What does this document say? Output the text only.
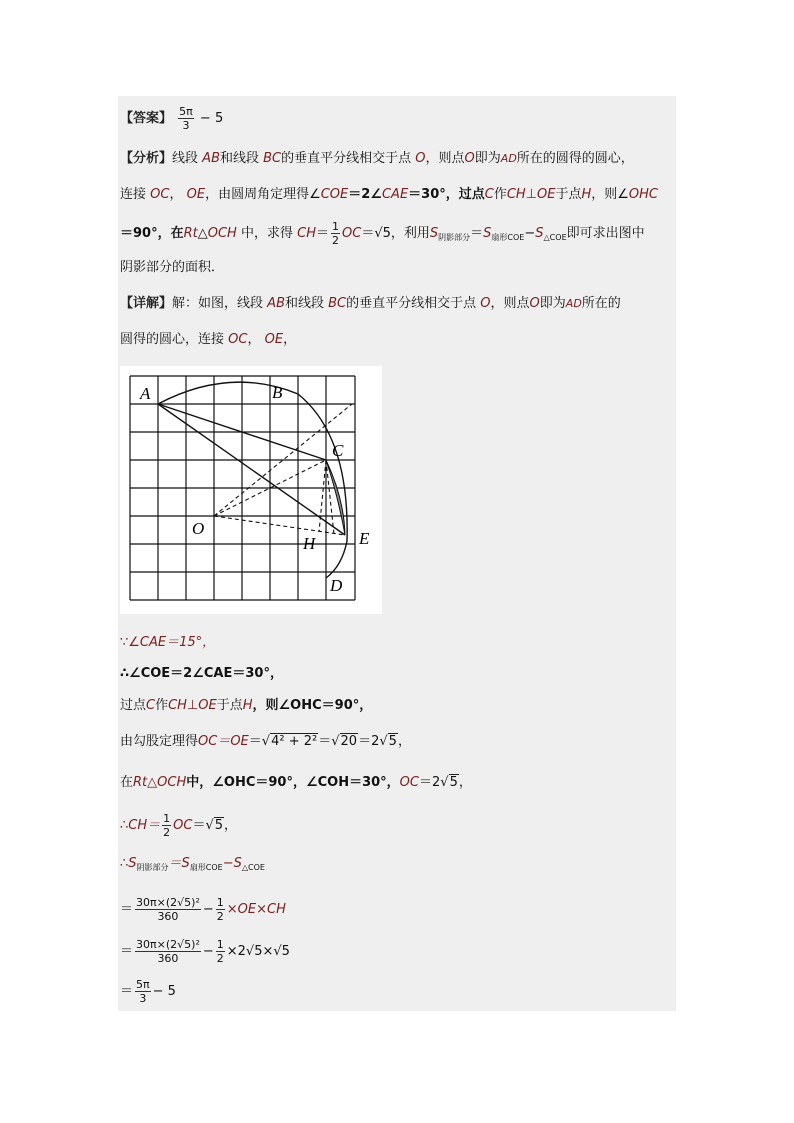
【答案】 $\frac{5\pi}{3} - 5$
【分析】线段 AB和线段 BC的垂直平分线相交于点 O，则点O即为AD所在的圆得的圆心，
连接 OC， OE，由圆周角定理得∠COE＝2∠CAE＝30°，过点C作CH⊥OE于点H，则∠OHC
＝90°，在Rt△OCH 中，求得 $CH= \frac{1}{2} OC=√5$，利用$S_{阴影部分}=S_{扇形COE}-S_{\triangle COE}$即可求出图中
阴影部分的面积．
【详解】解：如图，线段 AB和线段 BC的垂直平分线相交于点 O，则点O即为AD所在的
圆得的圆心，连接 OC， OE，
A	B
C
O
H	E
D
∵∠CAE＝15°，
∴∠COE＝2∠CAE＝30°，
过点C作CH⊥OE于点H，则∠OHC＝90°，
由勾股定理得OC＝OE＝√4² + 2²＝√20＝2√5，
在Rt△OCH中，∠OHC＝90°，∠COH＝30°，OC＝2√5，
∴CH＝ $\frac{1}{2} OC=√5$，
$\therefore S_{阴影部分}=S_{扇形COE}-S_{\triangle COE}$
＝ $\frac{\text{30π×(2√5)²}}{360} - \frac{1}{2} \times OE\times CH$
＝ $\frac{\text{30π×(2√5)²}}{360} - \frac{1}{2} \times 2√5\times√5$
＝ $\frac{5\pi}{3} - 5$
